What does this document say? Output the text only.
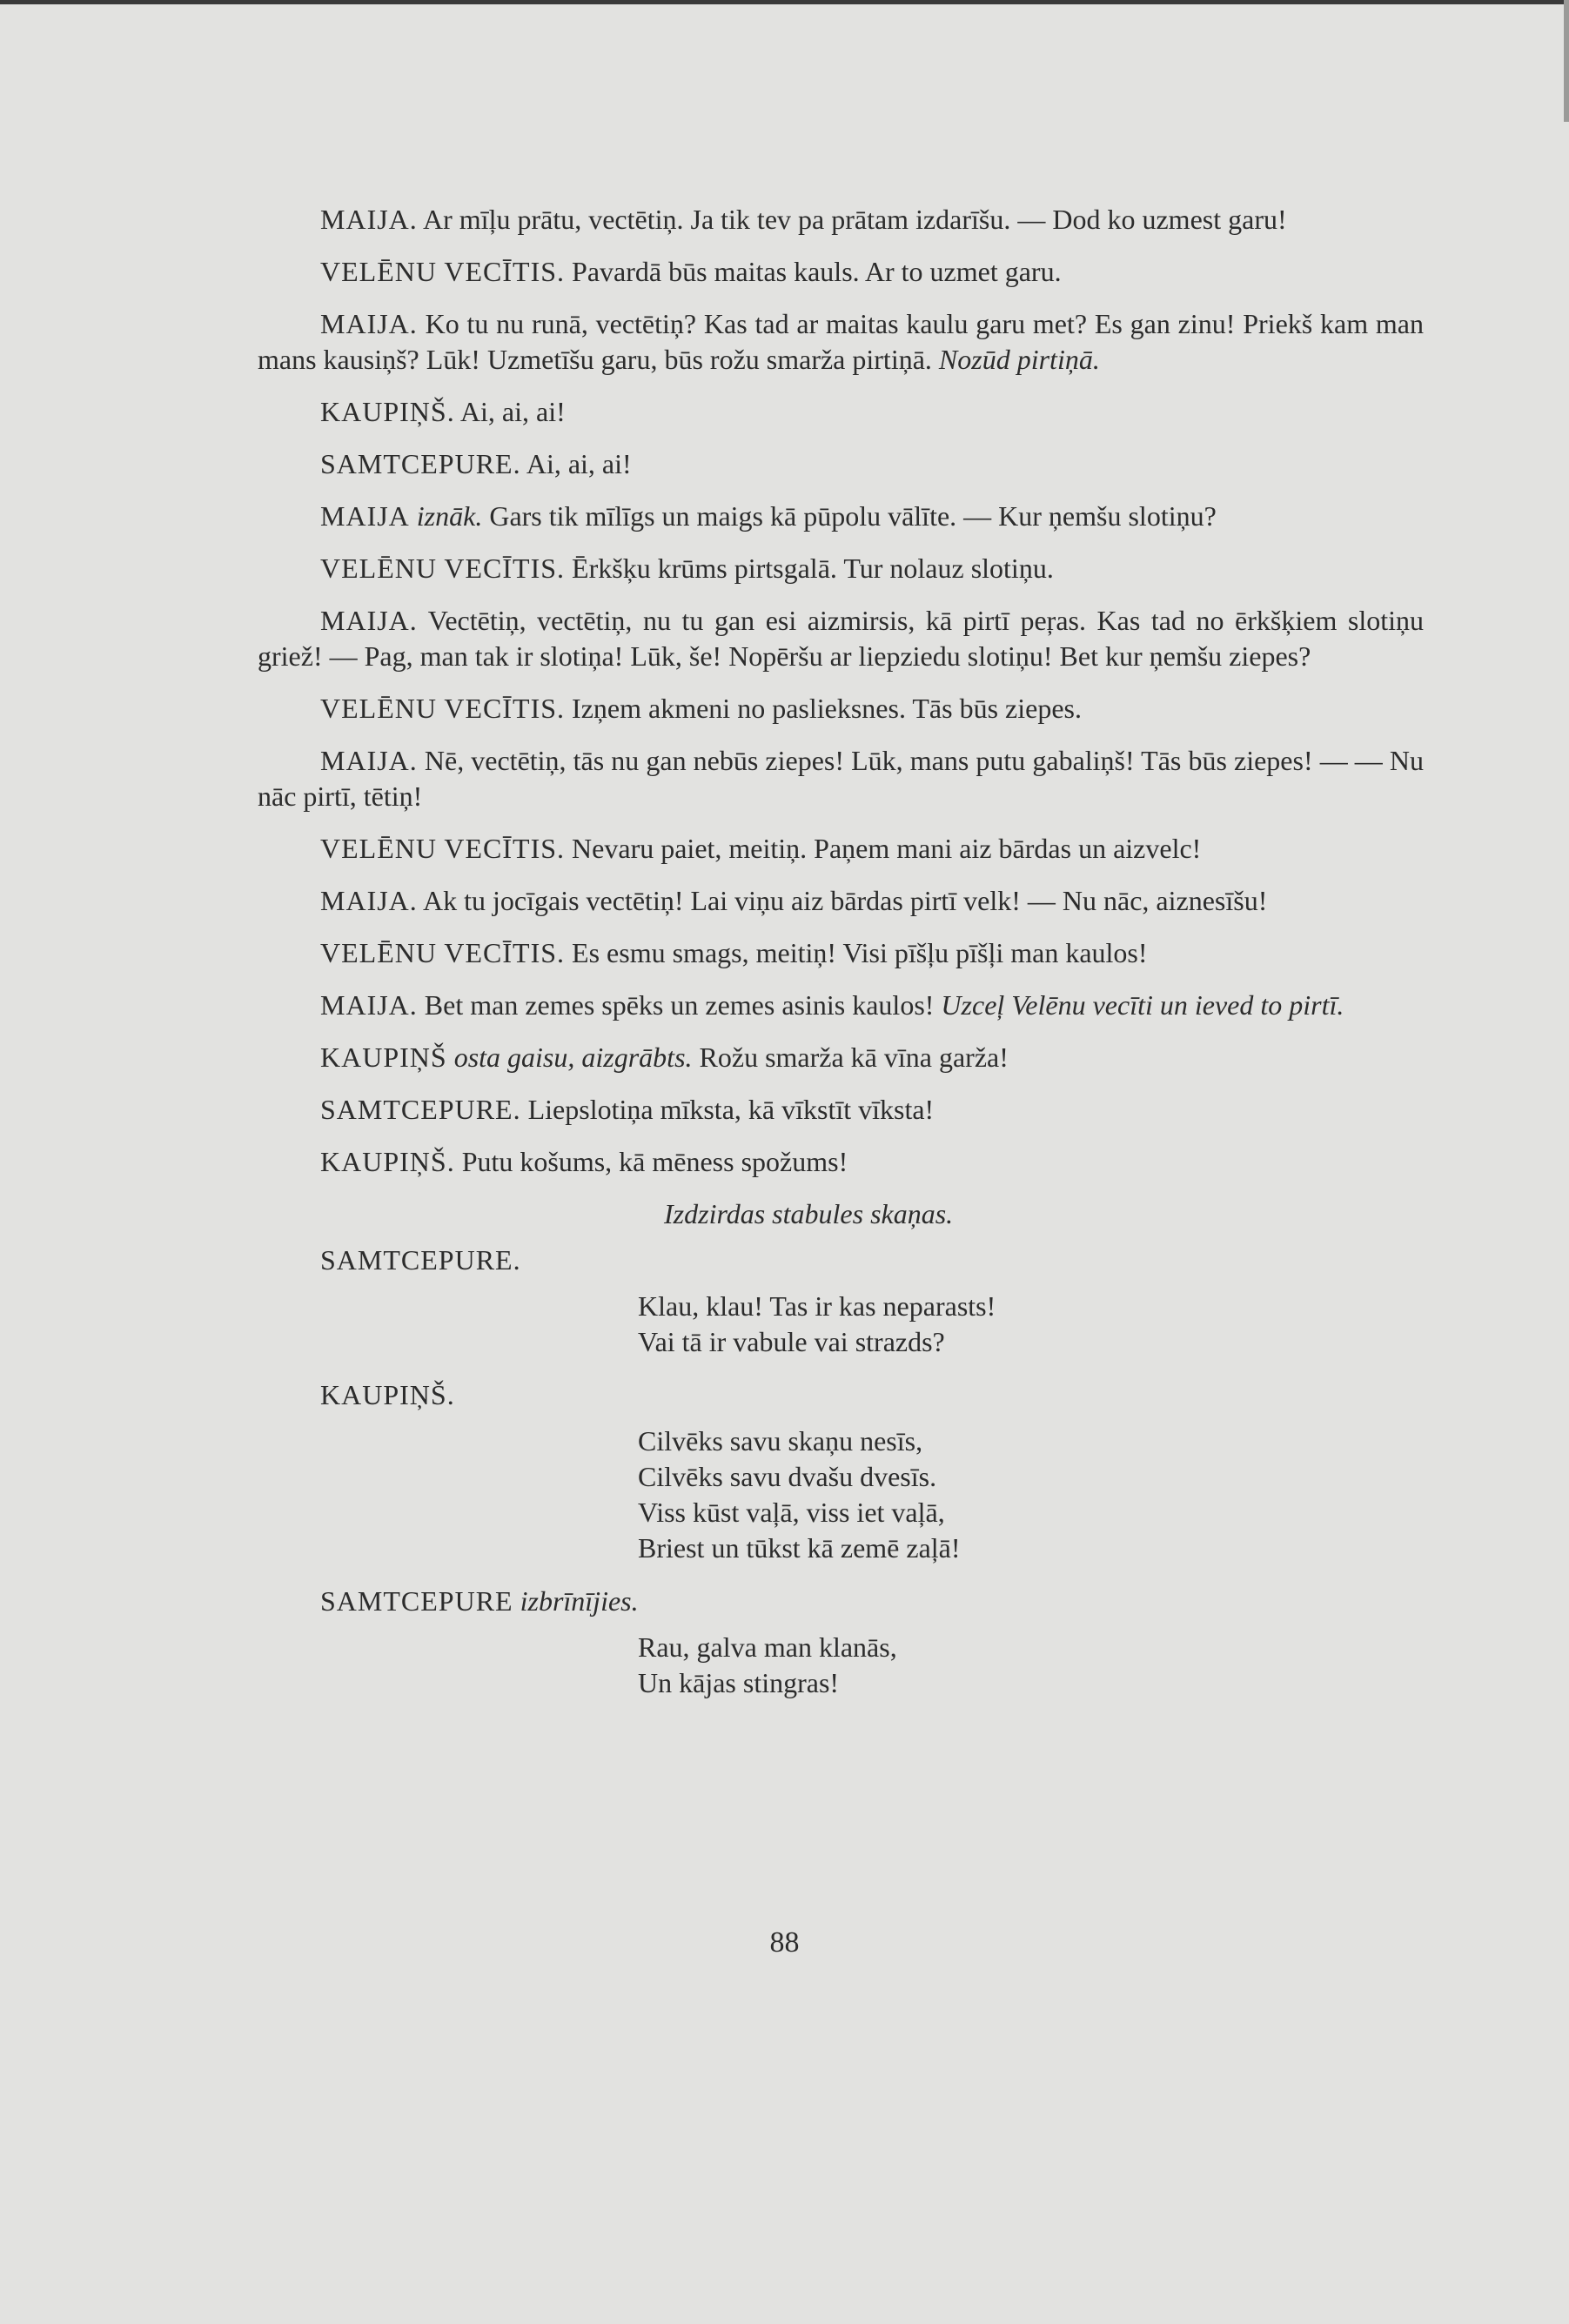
MAIJA. Ar mīļu prātu, vectētiņ. Ja tik tev pa prātam izdarīšu. — Dod ko uzmest garu!

VELĒNU VECĪTIS. Pavardā būs maitas kauls. Ar to uzmet garu.

MAIJA. Ko tu nu runā, vectētiņ? Kas tad ar maitas kaulu garu met? Es gan zinu! Priekš kam man mans kausiņš? Lūk! Uzmetīšu garu, būs rožu smarža pirtiņā. Nozūd pirtiņā.

KAUPIŅŠ. Ai, ai, ai!

SAMTCEPURE. Ai, ai, ai!

MAIJA iznāk. Gars tik mīlīgs un maigs kā pūpolu vālīte. — Kur ņemšu slotiņu?

VELĒNU VECĪTIS. Ērkšķu krūms pirtsgalā. Tur nolauz slotiņu.

MAIJA. Vectētiņ, vectētiņ, nu tu gan esi aizmirsis, kā pirtī peŗas. Kas tad no ērkšķiem slotiņu griež! — Pag, man tak ir slotiņa! Lūk, še! Nopēršu ar liepziedu slotiņu! Bet kur ņemšu ziepes?

VELĒNU VECĪTIS. Izņem akmeni no paslieksnes. Tās būs ziepes.

MAIJA. Nē, vectētiņ, tās nu gan nebūs ziepes! Lūk, mans putu gabaliņš! Tās būs ziepes! — — Nu nāc pirtī, tētiņ!

VELĒNU VECĪTIS. Nevaru paiet, meitiņ. Paņem mani aiz bārdas un aizvelc!

MAIJA. Ak tu jocīgais vectētiņ! Lai viņu aiz bārdas pirtī velk! — Nu nāc, aiznesīšu!

VELĒNU VECĪTIS. Es esmu smags, meitiņ! Visi pīšļu pīšļi man kaulos!

MAIJA. Bet man zemes spēks un zemes asinis kaulos! Uzceļ Velēnu vecīti un ieved to pirtī.

KAUPIŅŠ osta gaisu, aizgrābts. Rožu smarža kā vīna garža!

SAMTCEPURE. Liepslotiņa mīksta, kā vīkstīt vīksta!

KAUPIŅŠ. Putu košums, kā mēness spožums!

Izdzirdas stabules skaņas.

SAMTCEPURE.

Klau, klau! Tas ir kas neparasts!

Vai tā ir vabule vai strazds?

KAUPIŅŠ.

Cilvēks savu skaņu nesīs,

Cilvēks savu dvašu dvesīs.

Viss kūst vaļā, viss iet vaļā,

Briest un tūkst kā zemē zaļā!

SAMTCEPURE izbrīnījies.

Rau, galva man klanās,

Un kājas stingras!

88
